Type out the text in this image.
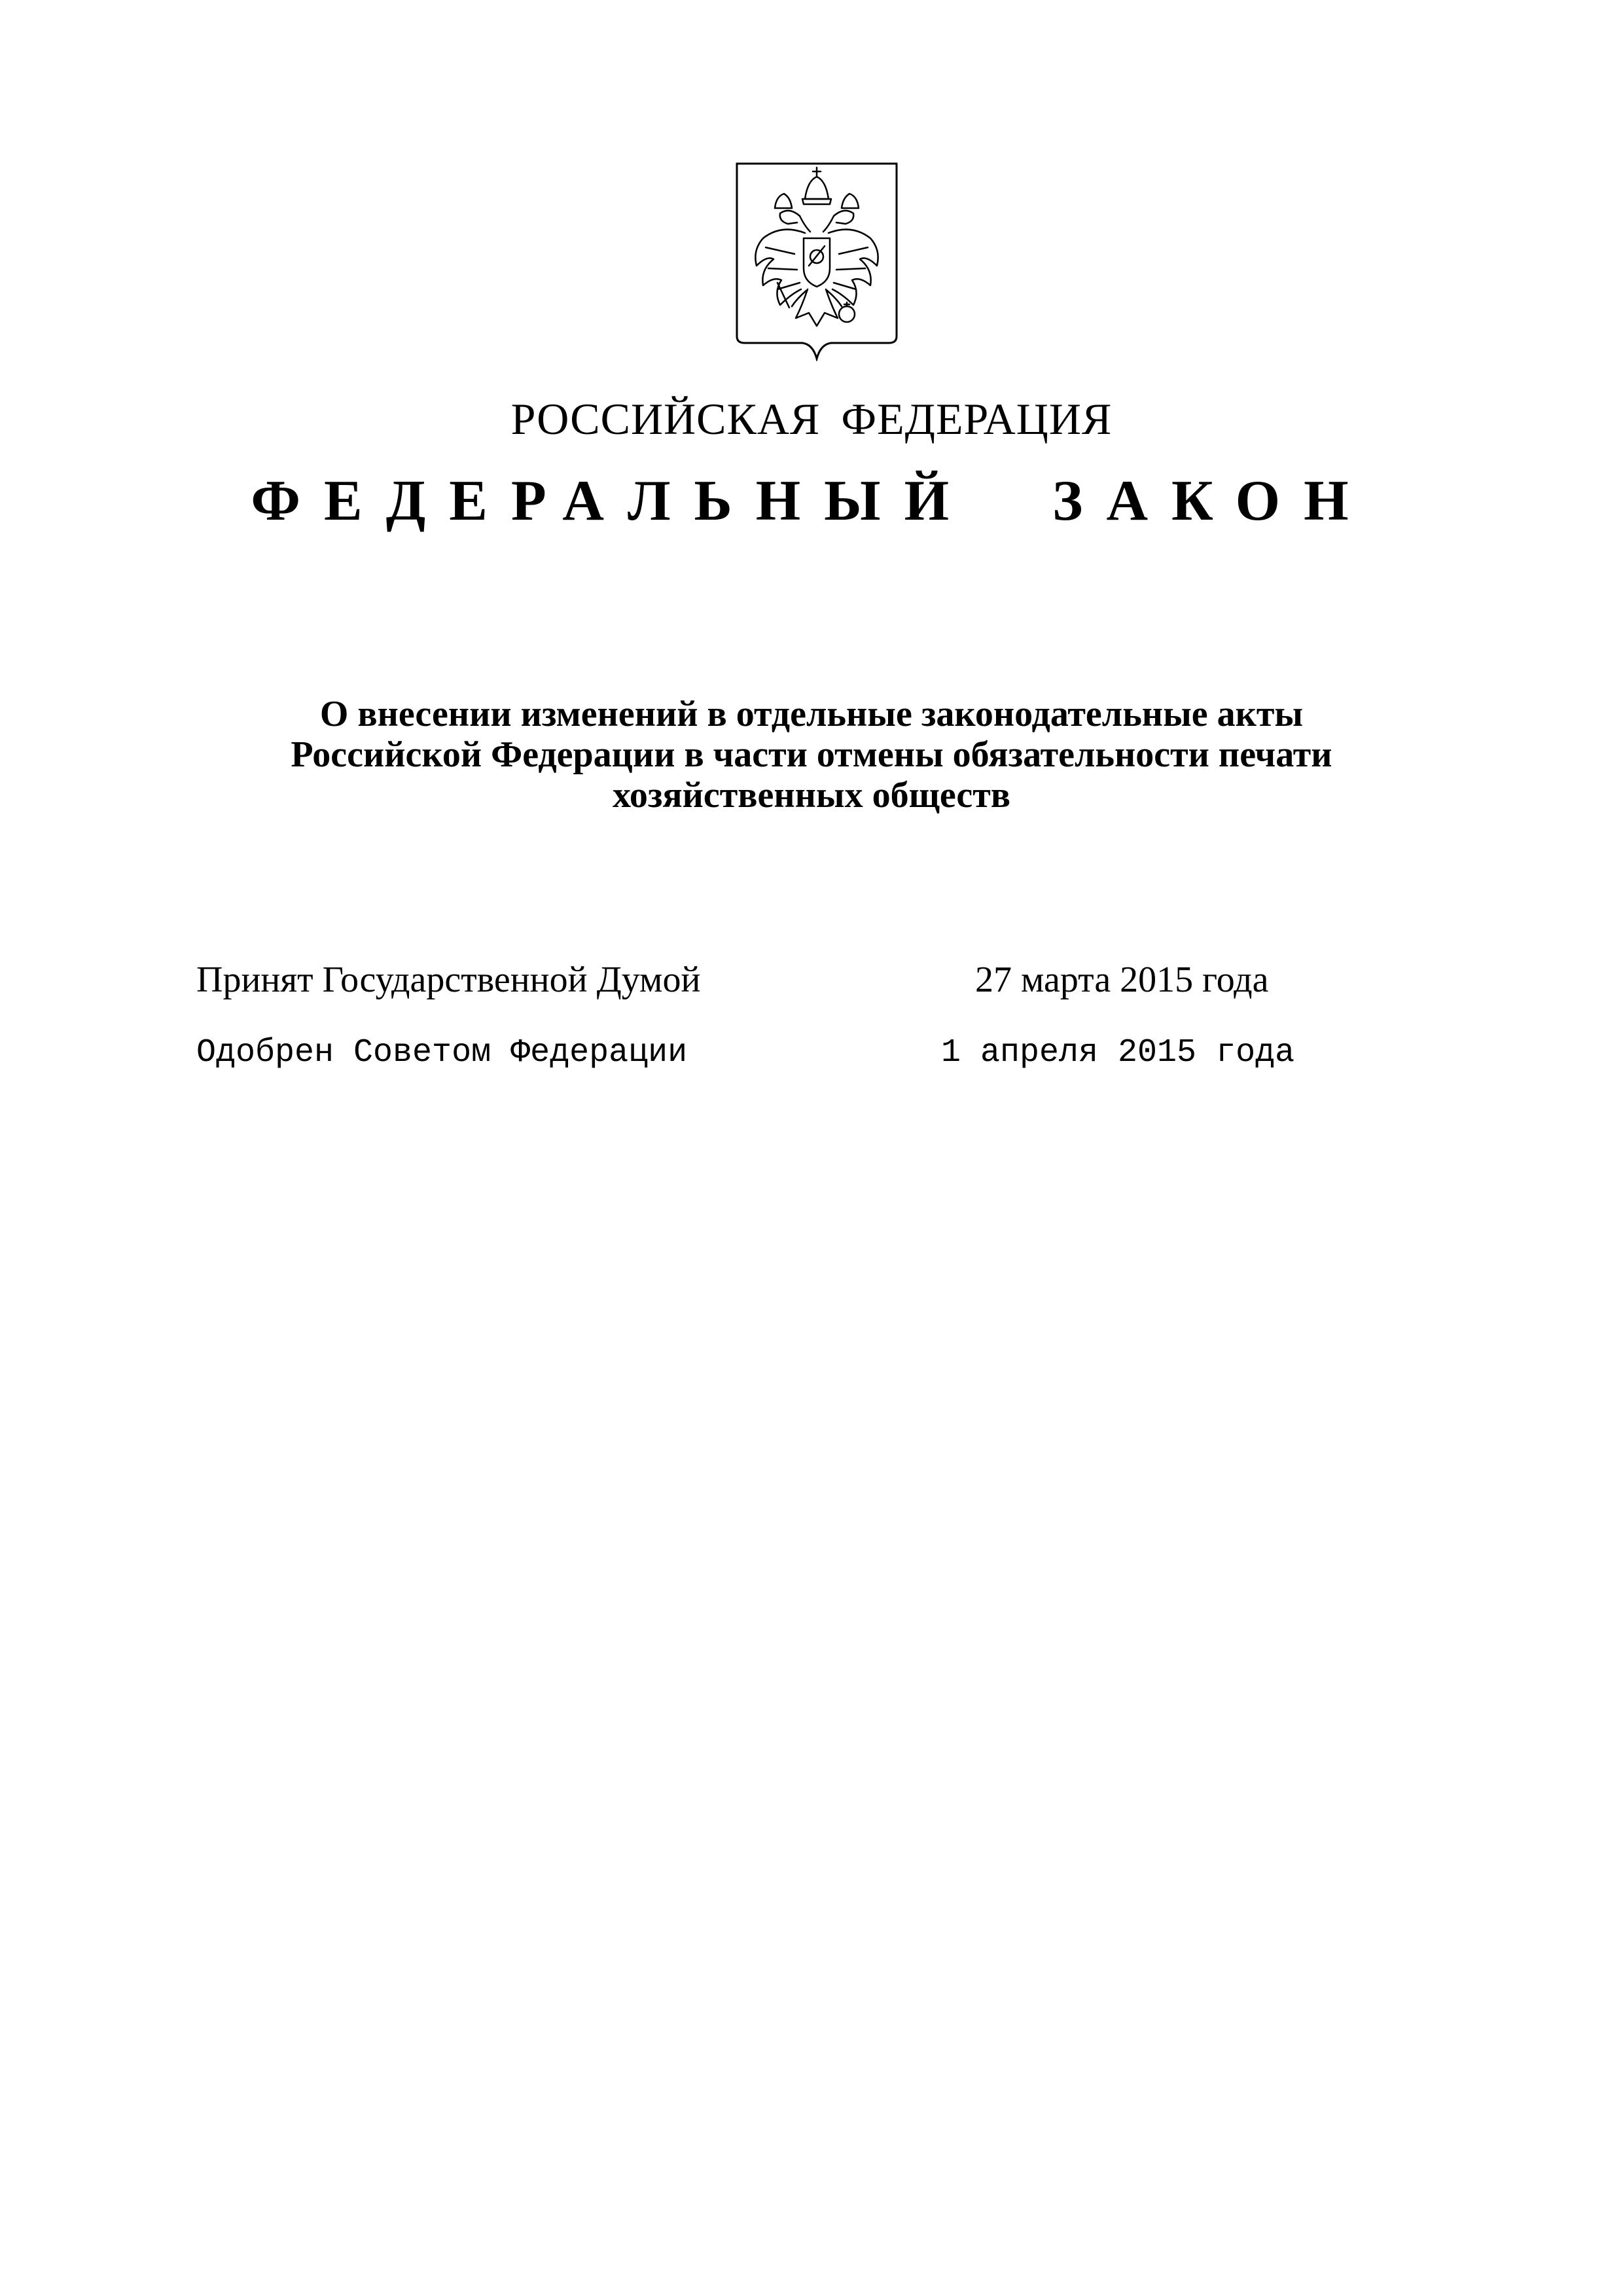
РОССИЙСКАЯ ФЕДЕРАЦИЯ
ФЕДЕРАЛЬНЫЙ ЗАКОН
О внесении изменений в отдельные законодательные акты
Российской Федерации в части отмены обязательности печати
хозяйственных обществ
Принят Государственной Думой	27 марта 2015 года
Одобрен Советом Федерации	1 апреля 2015 года
